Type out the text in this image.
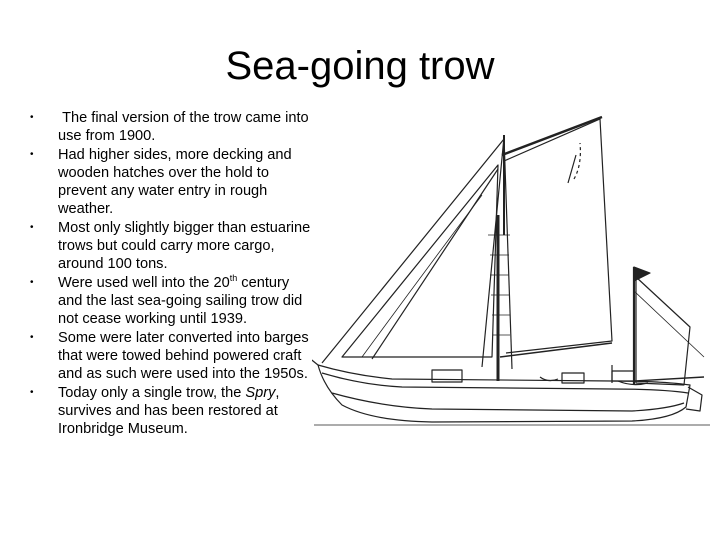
Sea-going trow
•	The final version of the trow came into use from 1900.
•	Had higher sides, more decking and wooden hatches over the hold to prevent any water entry in rough weather.
•	Most only slightly bigger than estuarine trows but could carry more cargo, around 100 tons.
•	Were used well into the 20th century and the last sea-going sailing trow did not cease working until 1939.
•	Some were later converted into barges that were towed behind powered craft and as such were used into the 1950s.
•	Today only a single trow, the Spry, survives and has been restored at Ironbridge Museum.
